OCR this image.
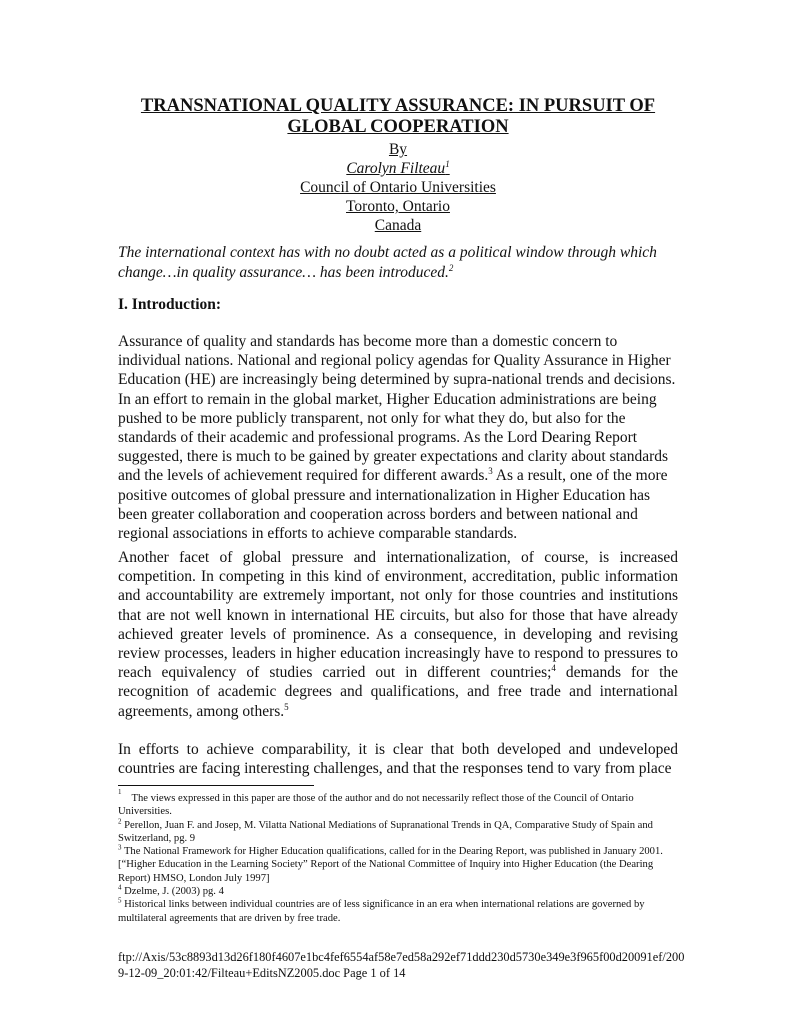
TRANSNATIONAL QUALITY ASSURANCE: IN PURSUIT OF GLOBAL COOPERATION
By
Carolyn Filteau$^1$
Council of Ontario Universities
Toronto, Ontario
Canada
The international context has with no doubt acted as a political window through which change…in quality assurance… has been introduced.$^2$
I. Introduction:
Assurance of quality and standards has become more than a domestic concern to individual nations. National and regional policy agendas for Quality Assurance in Higher Education (HE) are increasingly being determined by supra-national trends and decisions. In an effort to remain in the global market, Higher Education administrations are being pushed to be more publicly transparent, not only for what they do, but also for the standards of their academic and professional programs. As the Lord Dearing Report suggested, there is much to be gained by greater expectations and clarity about standards and the levels of achievement required for different awards.$^3$ As a result, one of the more positive outcomes of global pressure and internationalization in Higher Education has been greater collaboration and cooperation across borders and between national and regional associations in efforts to achieve comparable standards.
Another facet of global pressure and internationalization, of course, is increased competition. In competing in this kind of environment, accreditation, public information and accountability are extremely important, not only for those countries and institutions that are not well known in international HE circuits, but also for those that have already achieved greater levels of prominence. As a consequence, in developing and revising review processes, leaders in higher education increasingly have to respond to pressures to reach equivalency of studies carried out in different countries;$^4$ demands for the recognition of academic degrees and qualifications, and free trade and international agreements, among others.$^5$
In efforts to achieve comparability, it is clear that both developed and undeveloped countries are facing interesting challenges, and that the responses tend to vary from place

$^1$The views expressed in this paper are those of the author and do not necessarily reflect those of the Council of Ontario Universities.

$^2$ Perellon, Juan F. and Josep, M. Vilatta National Mediations of Supranational Trends in QA, Comparative Study of Spain and Switzerland, pg. 9

$^3$ The National Framework for Higher Education qualifications, called for in the Dearing Report, was published in January 2001. [“Higher Education in the Learning Society” Report of the National Committee of Inquiry into Higher Education (the Dearing Report) HMSO, London July 1997]

$^4$ Dzelme, J. (2003) pg. 4

$^5$ Historical links between individual countries are of less significance in an era when international relations are governed by multilateral agreements that are driven by free trade.

ftp://Axis/53c8893d13d26f180f4607e1bc4fef6554af58e7ed58a292ef71ddd230d5730e349e3f965f00d20091ef/2009-12-09_20:01:42/Filteau+EditsNZ2005.doc Page 1 of 14
